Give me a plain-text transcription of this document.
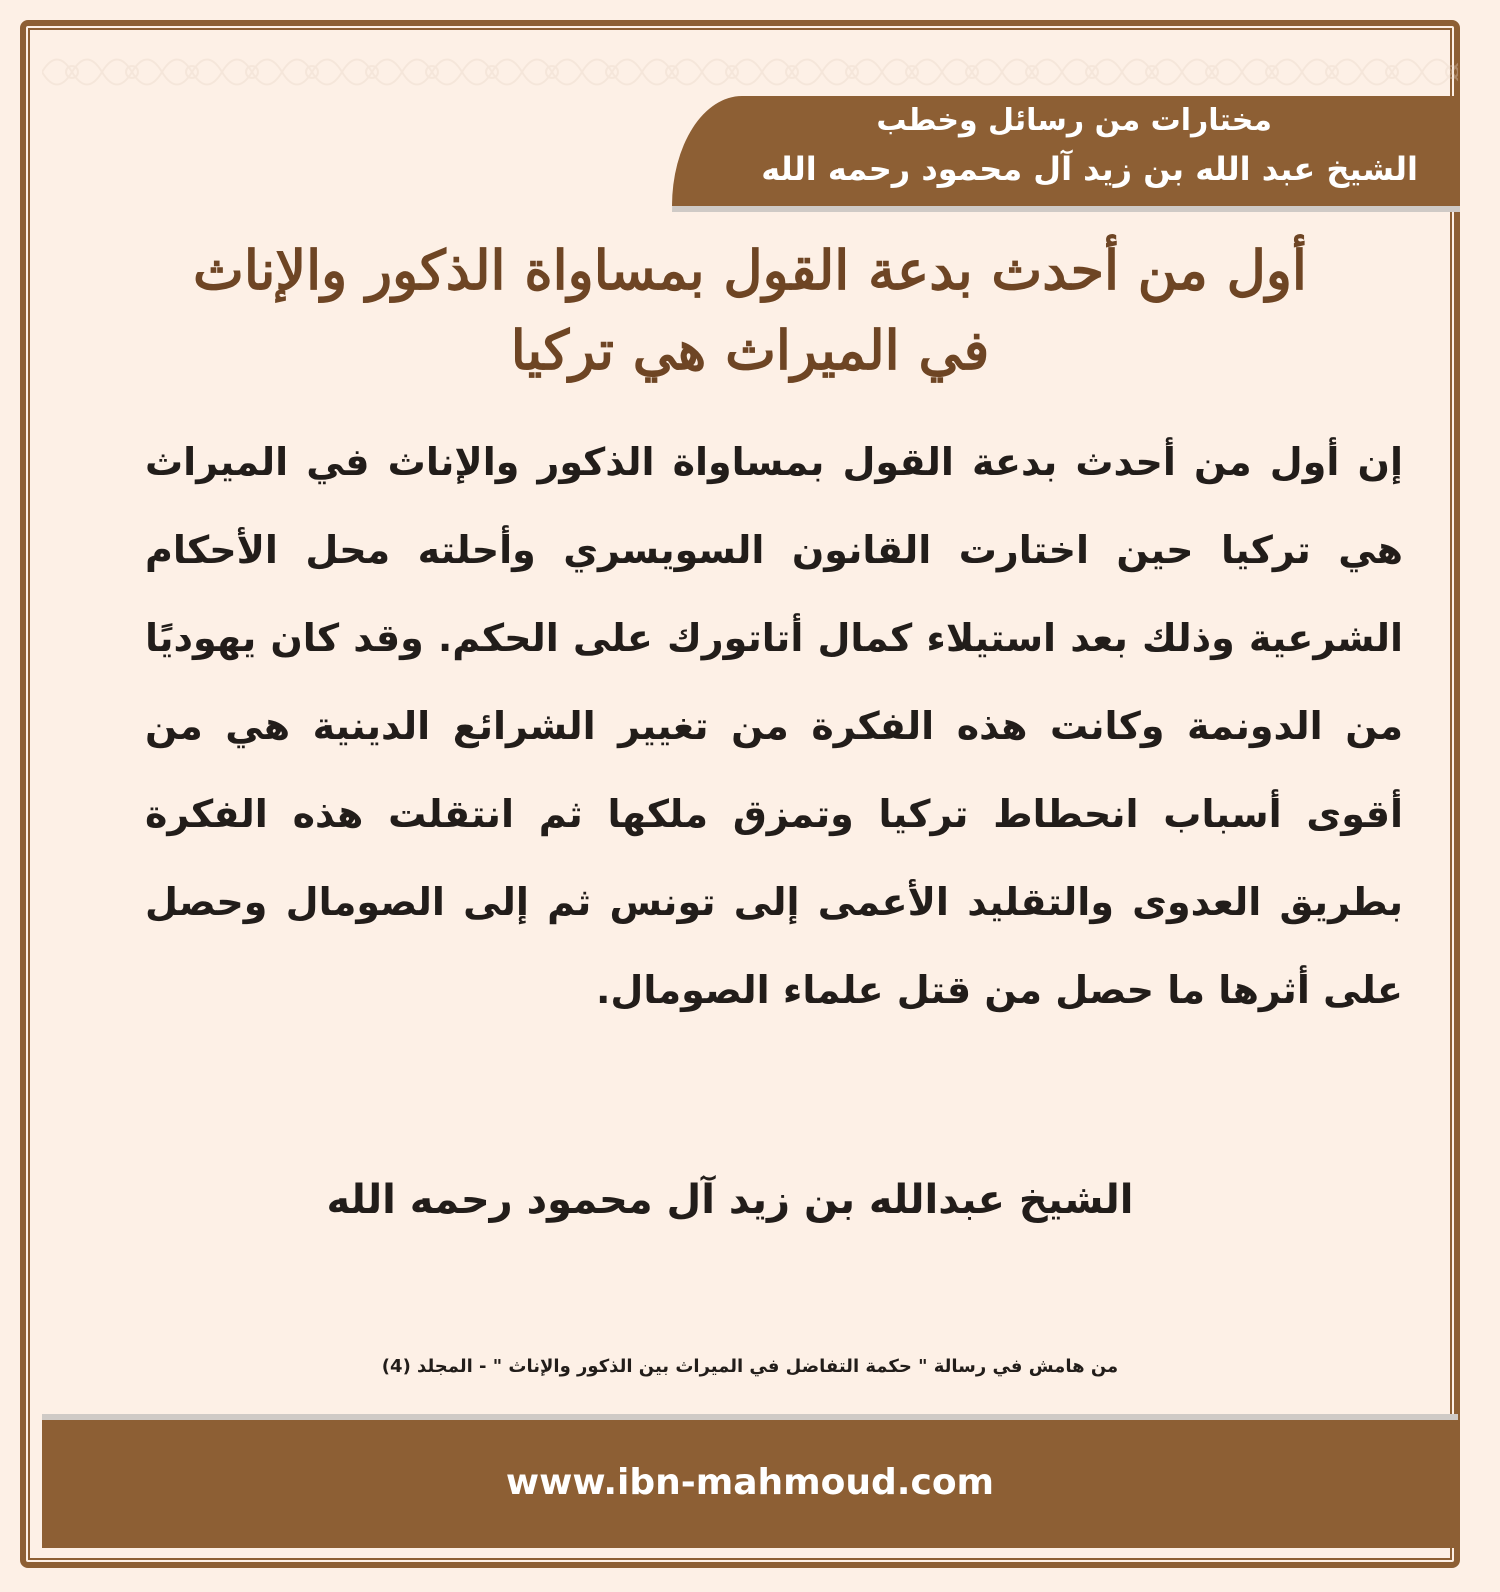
مختارات من رسائل وخطب
الشيخ عبد الله بن زيد آل محمود رحمه الله
أول من أحدث بدعة القول بمساواة الذكور والإناث في الميراث هي تركيا
إن أول من أحدث بدعة القول بمساواة الذكور والإناث في الميراث هي تركيا حين اختارت القانون السويسري وأحلته محل الأحكام الشرعية وذلك بعد استيلاء كمال أتاتورك على الحكم. وقد كان يهوديًا من الدونمة وكانت هذه الفكرة من تغيير الشرائع الدينية هي من أقوى أسباب انحطاط تركيا وتمزق ملكها ثم انتقلت هذه الفكرة بطريق العدوى والتقليد الأعمى إلى تونس ثم إلى الصومال وحصل على أثرها ما حصل من قتل علماء الصومال.
الشيخ عبدالله بن زيد آل محمود رحمه الله
من هامش في رسالة " حكمة التفاضل في الميراث بين الذكور والإناث " - المجلد (4)
www.ibn-mahmoud.com
